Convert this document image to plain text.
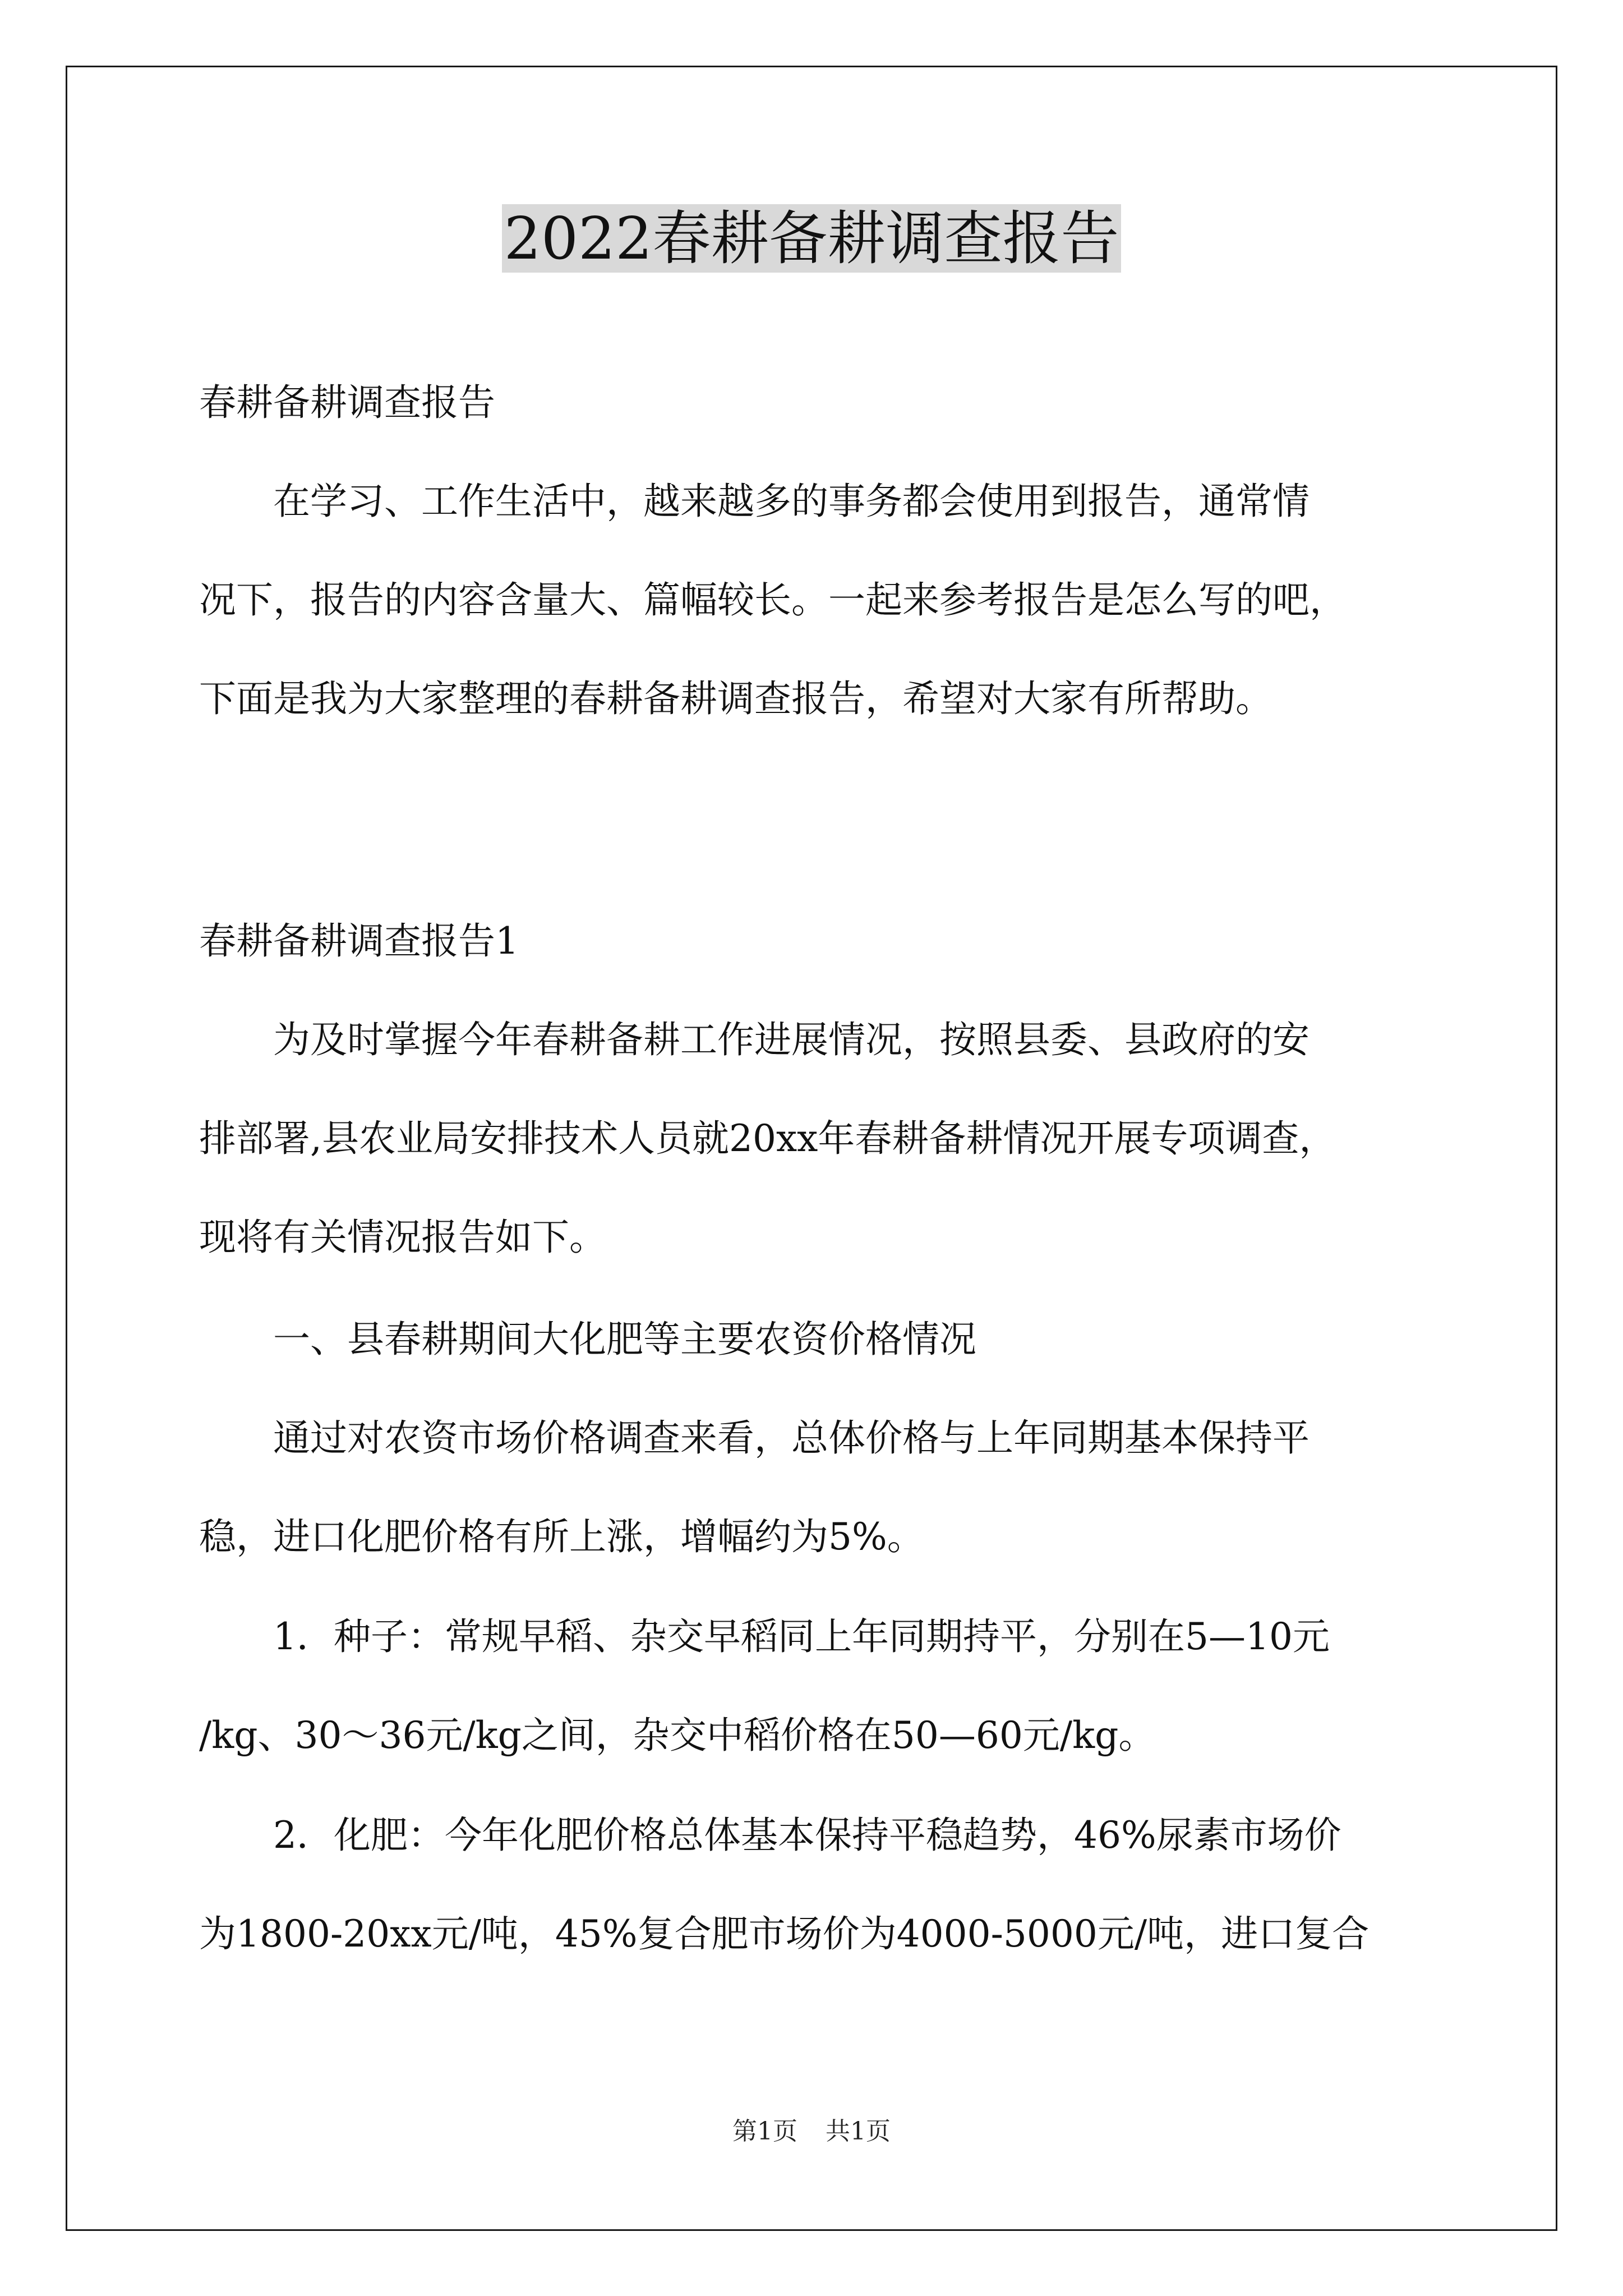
2022春耕备耕调查报告

春耕备耕调查报告

在学习、工作生活中，越来越多的事务都会使用到报告，通常情
况下，报告的内容含量大、篇幅较长。一起来参考报告是怎么写的吧，
下面是我为大家整理的春耕备耕调查报告，希望对大家有所帮助。

春耕备耕调查报告1

为及时掌握今年春耕备耕工作进展情况，按照县委、县政府的安
排部署,县农业局安排技术人员就20xx年春耕备耕情况开展专项调查，
现将有关情况报告如下。

一、县春耕期间大化肥等主要农资价格情况

通过对农资市场价格调查来看，总体价格与上年同期基本保持平
稳，进口化肥价格有所上涨，增幅约为5%。
1．种子：常规早稻、杂交早稻同上年同期持平，分别在5—10元
/kg、30～36元/kg之间，杂交中稻价格在50—60元/kg。
2．化肥：今年化肥价格总体基本保持平稳趋势，46%尿素市场价
为1800-20xx元/吨，45%复合肥市场价为4000-5000元/吨，进口复合
第1页 共1页
